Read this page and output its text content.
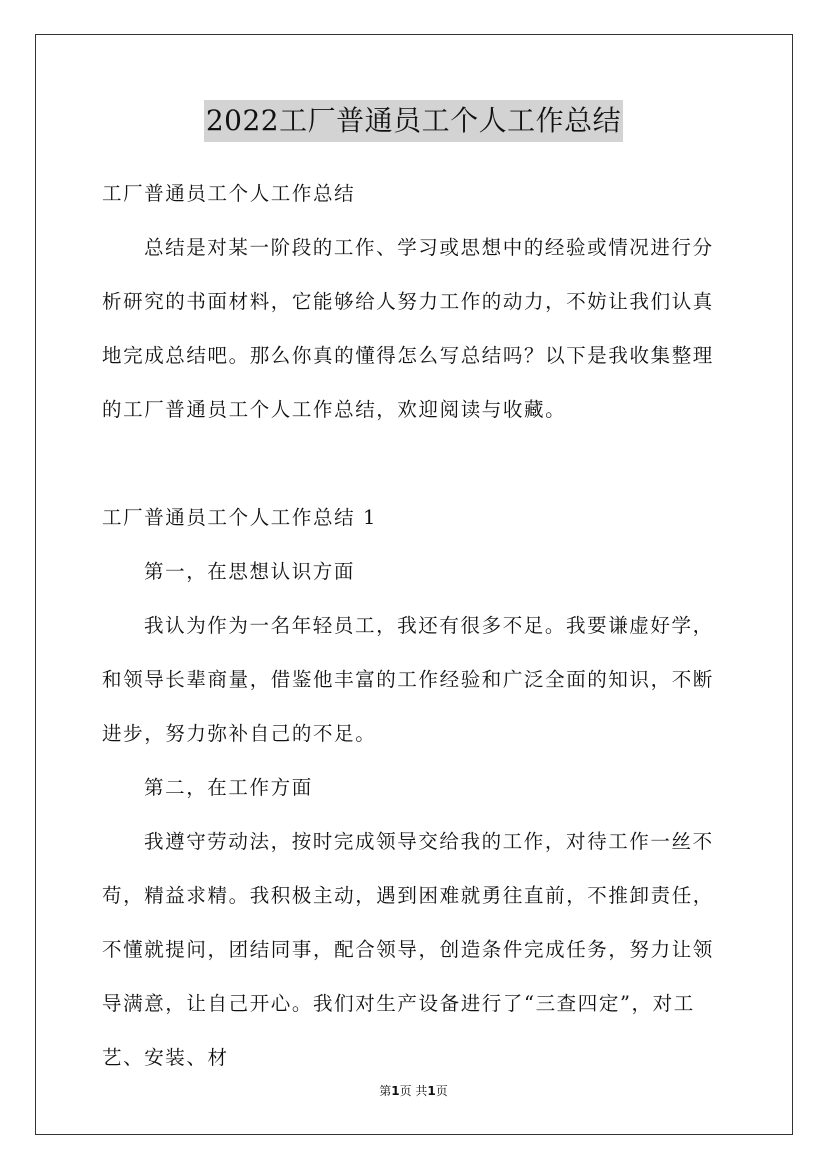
2022工厂普通员工个人工作总结

工厂普通员工个人工作总结

总结是对某一阶段的工作、学习或思想中的经验或情况进行分析研究的书面材料，它能够给人努力工作的动力，不妨让我们认真地完成总结吧。那么你真的懂得怎么写总结吗？以下是我收集整理的工厂普通员工个人工作总结，欢迎阅读与收藏。

工厂普通员工个人工作总结 1

第一，在思想认识方面

我认为作为一名年轻员工，我还有很多不足。我要谦虚好学，和领导长辈商量，借鉴他丰富的工作经验和广泛全面的知识，不断进步，努力弥补自己的不足。

第二，在工作方面

我遵守劳动法，按时完成领导交给我的工作，对待工作一丝不苟，精益求精。我积极主动，遇到困难就勇往直前，不推卸责任，不懂就提问，团结同事，配合领导，创造条件完成任务，努力让领导满意，让自己开心。我们对生产设备进行了“三查四定”，对工艺、安装、材

第1页 共1页
